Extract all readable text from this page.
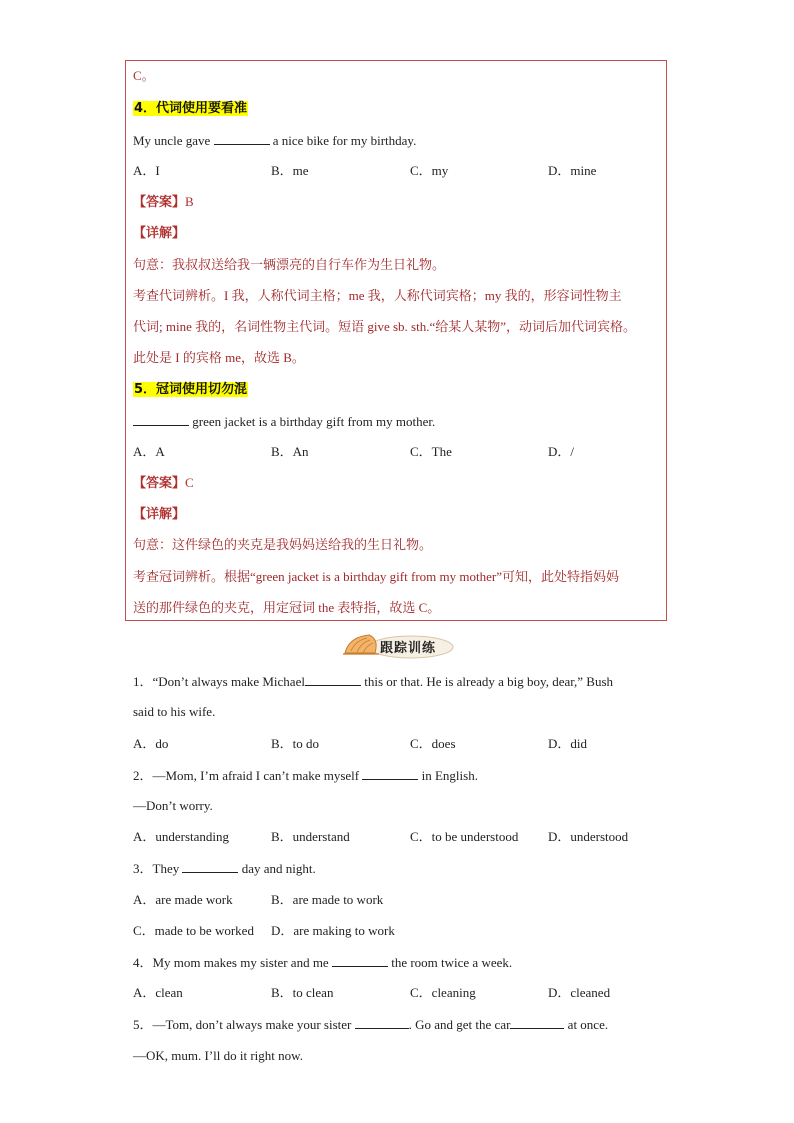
C。
4．代词使用要看准
My uncle gave	a nice bike for my birthday.
A．I	B．me	C．my	D．mine
【答案】B
【详解】
句意：我叔叔送给我一辆漂亮的自行车作为生日礼物。
考查代词辨析。I 我，人称代词主格；me 我，人称代词宾格；my 我的，形容词性物主
代词; mine 我的，名词性物主代词。短语 give sb. sth.“给某人某物”，动词后加代词宾格。
此处是 I 的宾格 me，故选 B。
5．冠词使用切勿混
green jacket is a birthday gift from my mother.
A．A	B．An	C．The	D．/
【答案】C
【详解】
句意：这件绿色的夹克是我妈妈送给我的生日礼物。
考查冠词辨析。根据“green jacket is a birthday gift from my mother”可知，此处特指妈妈
送的那件绿色的夹克，用定冠词 the 表特指，故选 C。
跟踪训练
1．“Don’t always make Michael	this or that. He is already a big boy, dear,” Bush
said to his wife.
A．do	B．to do	C．does	D．did
2．—Mom, I’m afraid I can’t make myself	in English.
—Don’t worry.
A．understanding	B．understand	C．to be understood D．understood
3．They	day and night.
A．are made work	B．are made to work
C．made to be worked D．are making to work
4．My mom makes my sister and me	the room twice a week.
A．clean	B．to clean	C．cleaning	D．cleaned
5．—Tom, don’t always make your sister	. Go and get the car	at once.
—OK, mum. I’ll do it right now.
